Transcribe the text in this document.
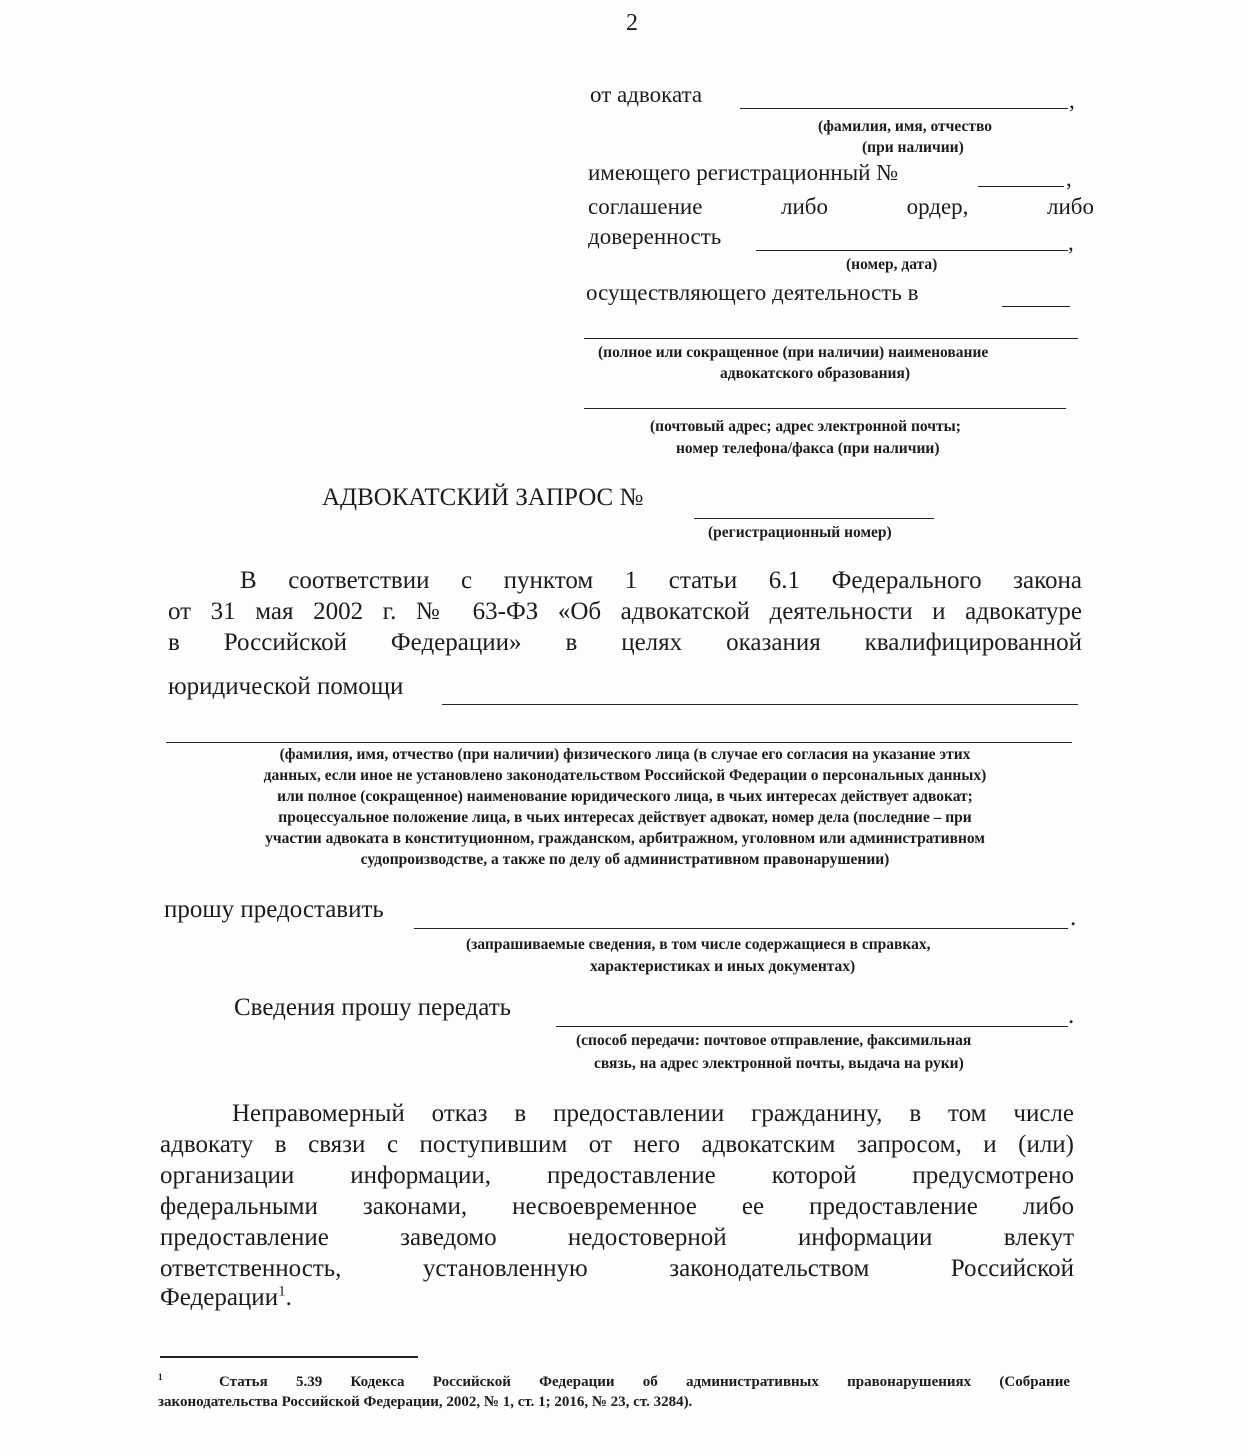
2
от адвоката	,
(фамилия, имя, отчество
(при наличии)
имеющего регистрационный №	,
соглашение	либо	ордер,	либо
доверенность	,
(номер, дата)
осуществляющего деятельность в
(полное или сокращенное (при наличии) наименование
адвокатского образования)
(почтовый адрес; адрес электронной почты;
номер телефона/факса (при наличии)
АДВОКАТСКИЙ ЗАПРОС №
(регистрационный номер)
В соответствии с пунктом 1 статьи 6.1 Федерального закона
от 31 мая 2002 г. № 63-ФЗ «Об адвокатской деятельности и адвокатуре
в Российской Федерации» в целях оказания квалифицированной
юридической помощи
(фамилия, имя, отчество (при наличии) физического лица (в случае его согласия на указание этих
данных, если иное не установлено законодательством Российской Федерации о персональных данных)
или полное (сокращенное) наименование юридического лица, в чьих интересах действует адвокат;
процессуальное положение лица, в чьих интересах действует адвокат, номер дела (последние – при
участии адвоката в конституционном, гражданском, арбитражном, уголовном или административном
судопроизводстве, а также по делу об административном правонарушении)
прошу предоставить	.
(запрашиваемые сведения, в том числе содержащиеся в справках,
характеристиках и иных документах)
Сведения прошу передать	.
(способ передачи: почтовое отправление, факсимильная
связь, на адрес электронной почты, выдача на руки)
Неправомерный отказ в предоставлении гражданину, в том числе
адвокату в связи с поступившим от него адвокатским запросом, и (или)
организации информации, предоставление которой предусмотрено
федеральными законами, несвоевременное ее предоставление либо
предоставление заведомо недостоверной информации влекут
ответственность, установленную законодательством Российской
Федерации$^1$.
$^1$	Статья 5.39 Кодекса Российской Федерации об административных правонарушениях (Собрание
законодательства Российской Федерации, 2002, № 1, ст. 1; 2016, № 23, ст. 3284).
